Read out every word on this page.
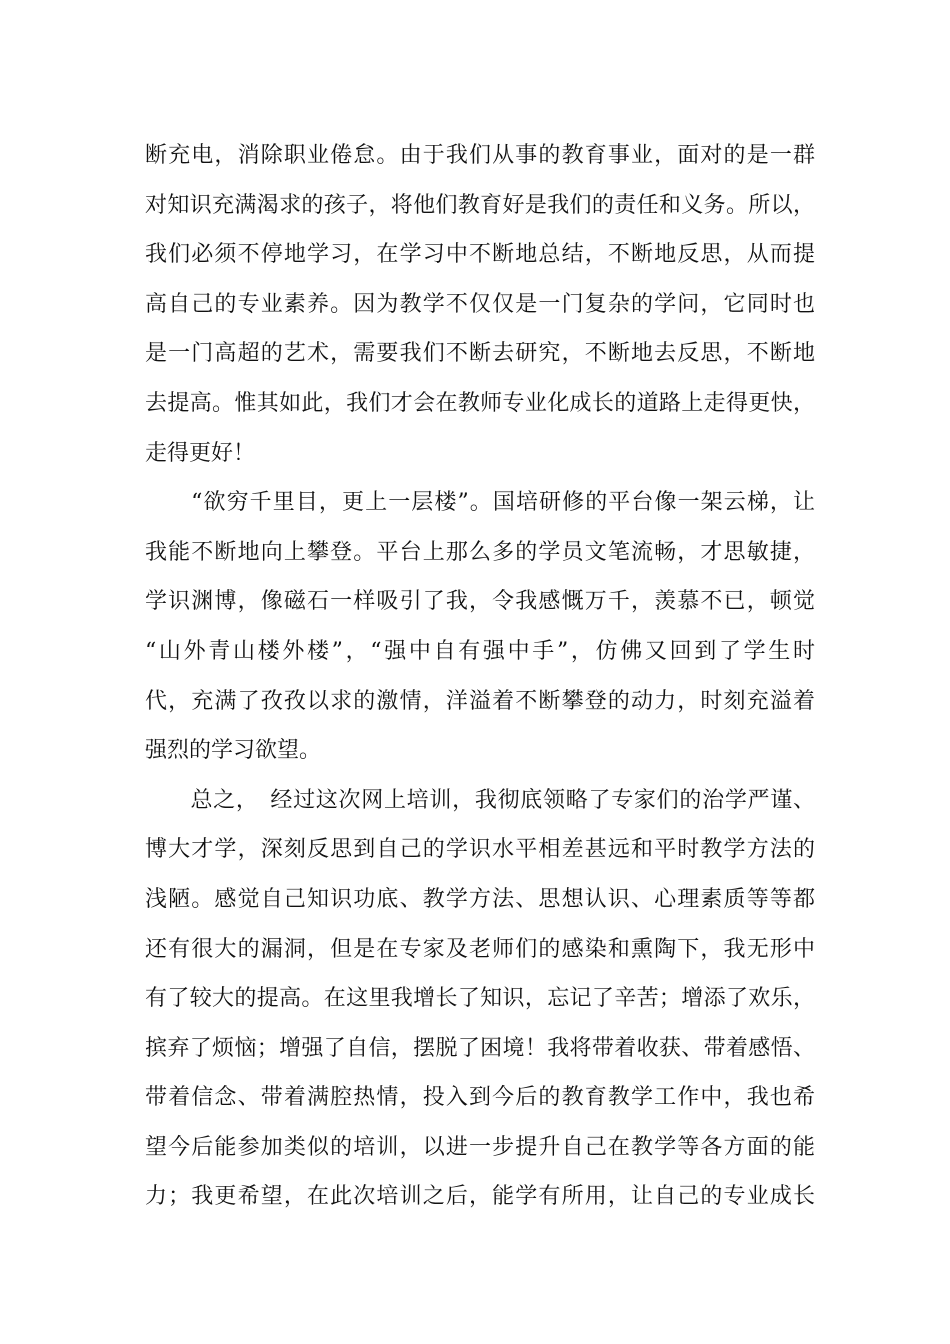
断充电，消除职业倦怠。由于我们从事的教育事业，面对的是一群
对知识充满渴求的孩子，将他们教育好是我们的责任和义务。所以，
我们必须不停地学习，在学习中不断地总结，不断地反思，从而提
高自己的专业素养。因为教学不仅仅是一门复杂的学问，它同时也
是一门高超的艺术，需要我们不断去研究，不断地去反思，不断地
去提高。惟其如此，我们才会在教师专业化成长的道路上走得更快，
走得更好！
　　“欲穷千里目，更上一层楼”。国培研修的平台像一架云梯，让
我能不断地向上攀登。平台上那么多的学员文笔流畅，才思敏捷，
学识渊博，像磁石一样吸引了我，令我感慨万千，羡慕不已，顿觉
“山外青山楼外楼”，“强中自有强中手”，仿佛又回到了学生时
代，充满了孜孜以求的激情，洋溢着不断攀登的动力，时刻充溢着
强烈的学习欲望。
　　总之，　经过这次网上培训，我彻底领略了专家们的治学严谨、
博大才学，深刻反思到自己的学识水平相差甚远和平时教学方法的
浅陋。感觉自己知识功底、教学方法、思想认识、心理素质等等都
还有很大的漏洞，但是在专家及老师们的感染和熏陶下，我无形中
有了较大的提高。在这里我增长了知识，忘记了辛苦；增添了欢乐，
摈弃了烦恼；增强了自信，摆脱了困境！我将带着收获、带着感悟、
带着信念、带着满腔热情，投入到今后的教育教学工作中，我也希
望今后能参加类似的培训，以进一步提升自己在教学等各方面的能
力；我更希望，在此次培训之后，能学有所用，让自己的专业成长
